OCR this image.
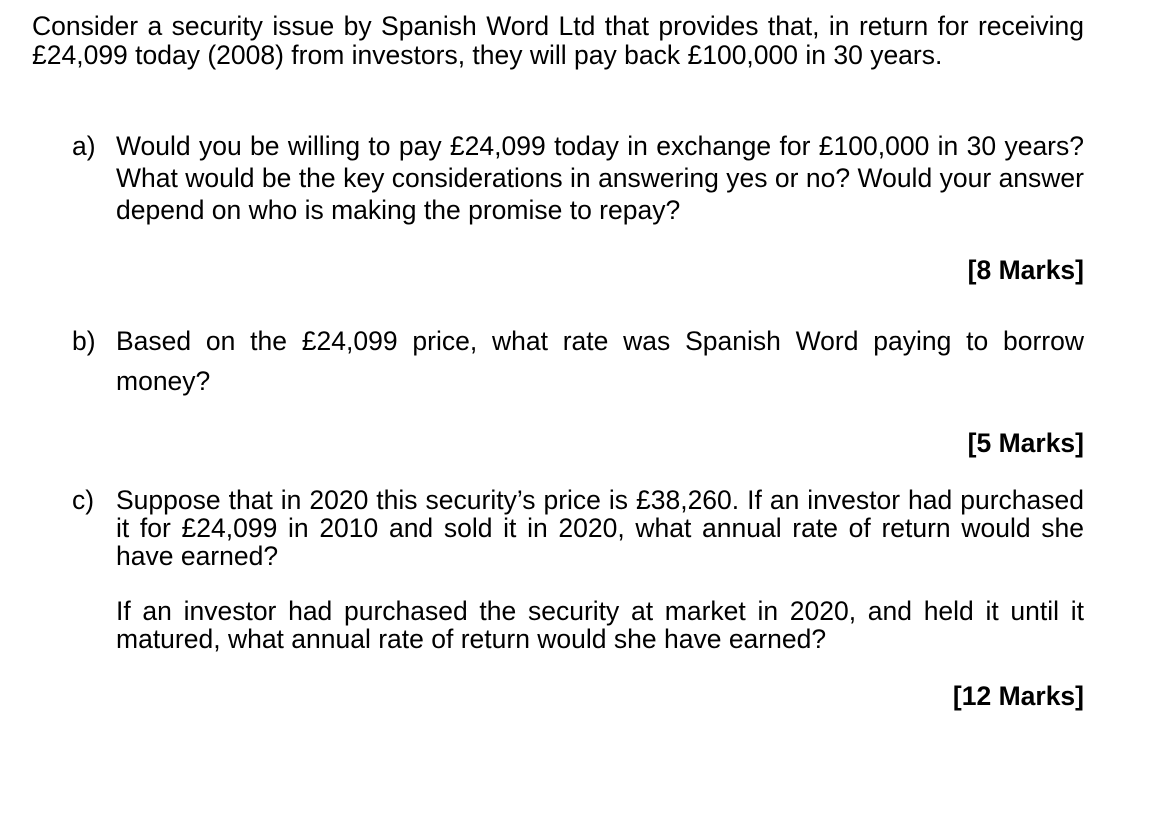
Consider a security issue by Spanish Word Ltd that provides that, in return for receiving £24,099 today (2008) from investors, they will pay back £100,000 in 30 years.

a) Would you be willing to pay £24,099 today in exchange for £100,000 in 30 years? What would be the key considerations in answering yes or no? Would your answer depend on who is making the promise to repay?

[8 Marks]

b) Based on the £24,099 price, what rate was Spanish Word paying to borrow money?

[5 Marks]

c) Suppose that in 2020 this security’s price is £38,260. If an investor had purchased it for £24,099 in 2010 and sold it in 2020, what annual rate of return would she have earned?
If an investor had purchased the security at market in 2020, and held it until it matured, what annual rate of return would she have earned?

[12 Marks]
